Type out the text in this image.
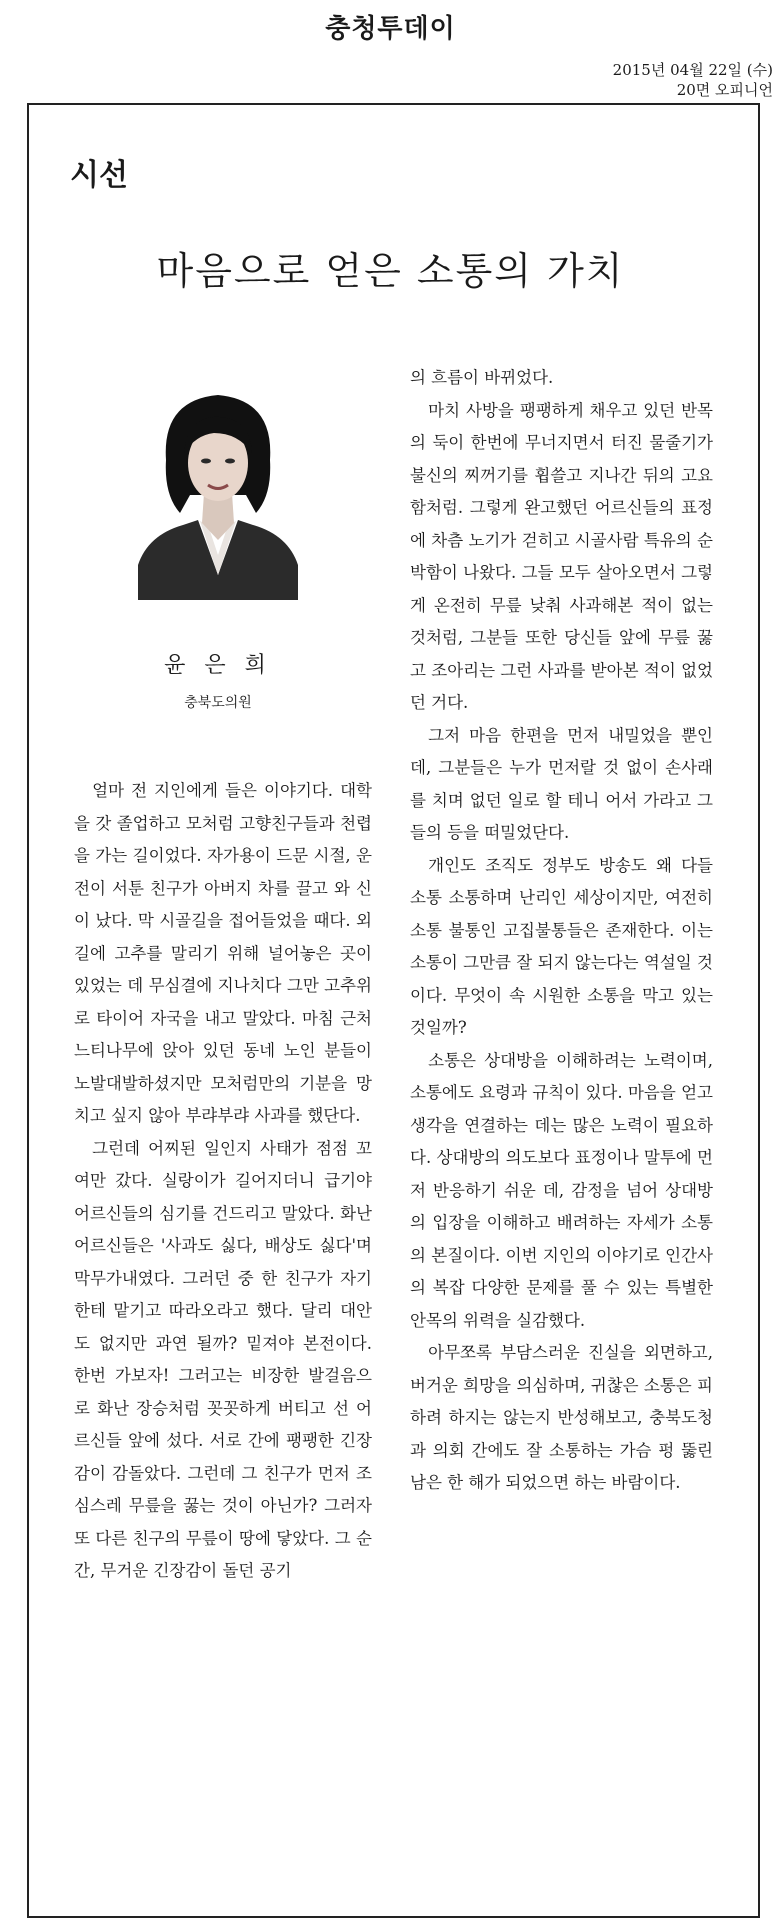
충청투데이
2015년 04월 22일 (수)
20면 오피니언
시선
마음으로 얻은 소통의 가치
윤 은 희
충북도의원

얼마 전 지인에게 들은 이야기다. 대학을 갓 졸업하고 모처럼 고향친구들과 천렵을 가는 길이었다. 자가용이 드문 시절, 운전이 서툰 친구가 아버지 차를 끌고 와 신이 났다. 막 시골길을 접어들었을 때다. 외길에 고추를 말리기 위해 널어놓은 곳이 있었는 데 무심결에 지나치다 그만 고추위로 타이어 자국을 내고 말았다. 마침 근처 느티나무에 앉아 있던 동네 노인 분들이 노발대발하셨지만 모처럼만의 기분을 망치고 싶지 않아 부랴부랴 사과를 했단다.

그런데 어찌된 일인지 사태가 점점 꼬여만 갔다. 실랑이가 길어지더니 급기야 어르신들의 심기를 건드리고 말았다. 화난 어르신들은 '사과도 싫다, 배상도 싫다'며 막무가내였다. 그러던 중 한 친구가 자기한테 맡기고 따라오라고 했다. 달리 대안도 없지만 과연 될까? 밑져야 본전이다. 한번 가보자! 그러고는 비장한 발걸음으로 화난 장승처럼 꼿꼿하게 버티고 선 어르신들 앞에 섰다. 서로 간에 팽팽한 긴장감이 감돌았다. 그런데 그 친구가 먼저 조심스레 무릎을 꿇는 것이 아닌가? 그러자 또 다른 친구의 무릎이 땅에 닿았다. 그 순간, 무거운 긴장감이 돌던 공기

의 흐름이 바뀌었다.

마치 사방을 팽팽하게 채우고 있던 반목의 둑이 한번에 무너지면서 터진 물줄기가 불신의 찌꺼기를 휩쓸고 지나간 뒤의 고요함처럼. 그렇게 완고했던 어르신들의 표정에 차츰 노기가 걷히고 시골사람 특유의 순박함이 나왔다. 그들 모두 살아오면서 그렇게 온전히 무릎 낮춰 사과해본 적이 없는 것처럼, 그분들 또한 당신들 앞에 무릎 꿇고 조아리는 그런 사과를 받아본 적이 없었던 거다.

그저 마음 한편을 먼저 내밀었을 뿐인데, 그분들은 누가 먼저랄 것 없이 손사래를 치며 없던 일로 할 테니 어서 가라고 그들의 등을 떠밀었단다.

개인도 조직도 정부도 방송도 왜 다들 소통 소통하며 난리인 세상이지만, 여전히 소통 불통인 고집불통들은 존재한다. 이는 소통이 그만큼 잘 되지 않는다는 역설일 것이다. 무엇이 속 시원한 소통을 막고 있는 것일까?

소통은 상대방을 이해하려는 노력이며, 소통에도 요령과 규칙이 있다. 마음을 얻고 생각을 연결하는 데는 많은 노력이 필요하다. 상대방의 의도보다 표정이나 말투에 먼저 반응하기 쉬운 데, 감정을 넘어 상대방의 입장을 이해하고 배려하는 자세가 소통의 본질이다. 이번 지인의 이야기로 인간사의 복잡 다양한 문제를 풀 수 있는 특별한 안목의 위력을 실감했다.

아무쪼록 부담스러운 진실을 외면하고, 버거운 희망을 의심하며, 귀찮은 소통은 피하려 하지는 않는지 반성해보고, 충북도청과 의회 간에도 잘 소통하는 가슴 펑 뚫린 남은 한 해가 되었으면 하는 바람이다.
